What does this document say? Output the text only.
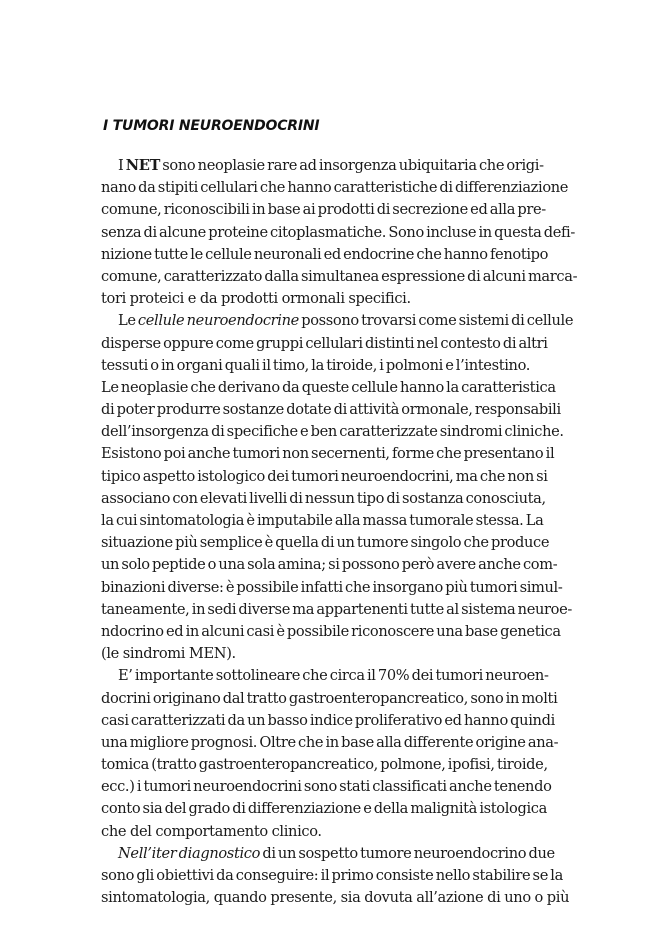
I TUMORI NEUROENDOCRINI
I NET sono neoplasie rare ad insorgenza ubiquitaria che origi-
nano da stipiti cellulari che hanno caratteristiche di differenziazione
comune, riconoscibili in base ai prodotti di secrezione ed alla pre-
senza di alcune proteine citoplasmatiche. Sono incluse in questa defi-
nizione tutte le cellule neuronali ed endocrine che hanno fenotipo
comune, caratterizzato dalla simultanea espressione di alcuni marca-
tori proteici e da prodotti ormonali specifici.
Le cellule neuroendocrine possono trovarsi come sistemi di cellule
disperse oppure come gruppi cellulari distinti nel contesto di altri
tessuti o in organi quali il timo, la tiroide, i polmoni e l’intestino.
Le neoplasie che derivano da queste cellule hanno la caratteristica
di poter produrre sostanze dotate di attività ormonale, responsabili
dell’insorgenza di specifiche e ben caratterizzate sindromi cliniche.
Esistono poi anche tumori non secernenti, forme che presentano il
tipico aspetto istologico dei tumori neuroendocrini, ma che non si
associano con elevati livelli di nessun tipo di sostanza conosciuta,
la cui sintomatologia è imputabile alla massa tumorale stessa. La
situazione più semplice è quella di un tumore singolo che produce
un solo peptide o una sola amina; si possono però avere anche com-
binazioni diverse: è possibile infatti che insorgano più tumori simul-
taneamente, in sedi diverse ma appartenenti tutte al sistema neuroe-
ndocrino ed in alcuni casi è possibile riconoscere una base genetica
(le sindromi MEN).
E’ importante sottolineare che circa il 70% dei tumori neuroen-
docrini originano dal tratto gastroenteropancreatico, sono in molti
casi caratterizzati da un basso indice proliferativo ed hanno quindi
una migliore prognosi. Oltre che in base alla differente origine ana-
tomica (tratto gastroenteropancreatico, polmone, ipofisi, tiroide,
ecc.) i tumori neuroendocrini sono stati classificati anche tenendo
conto sia del grado di differenziazione e della malignità istologica
che del comportamento clinico.
Nell’iter diagnostico di un sospetto tumore neuroendocrino due
sono gli obiettivi da conseguire: il primo consiste nello stabilire se la
sintomatologia, quando presente, sia dovuta all’azione di uno o più
